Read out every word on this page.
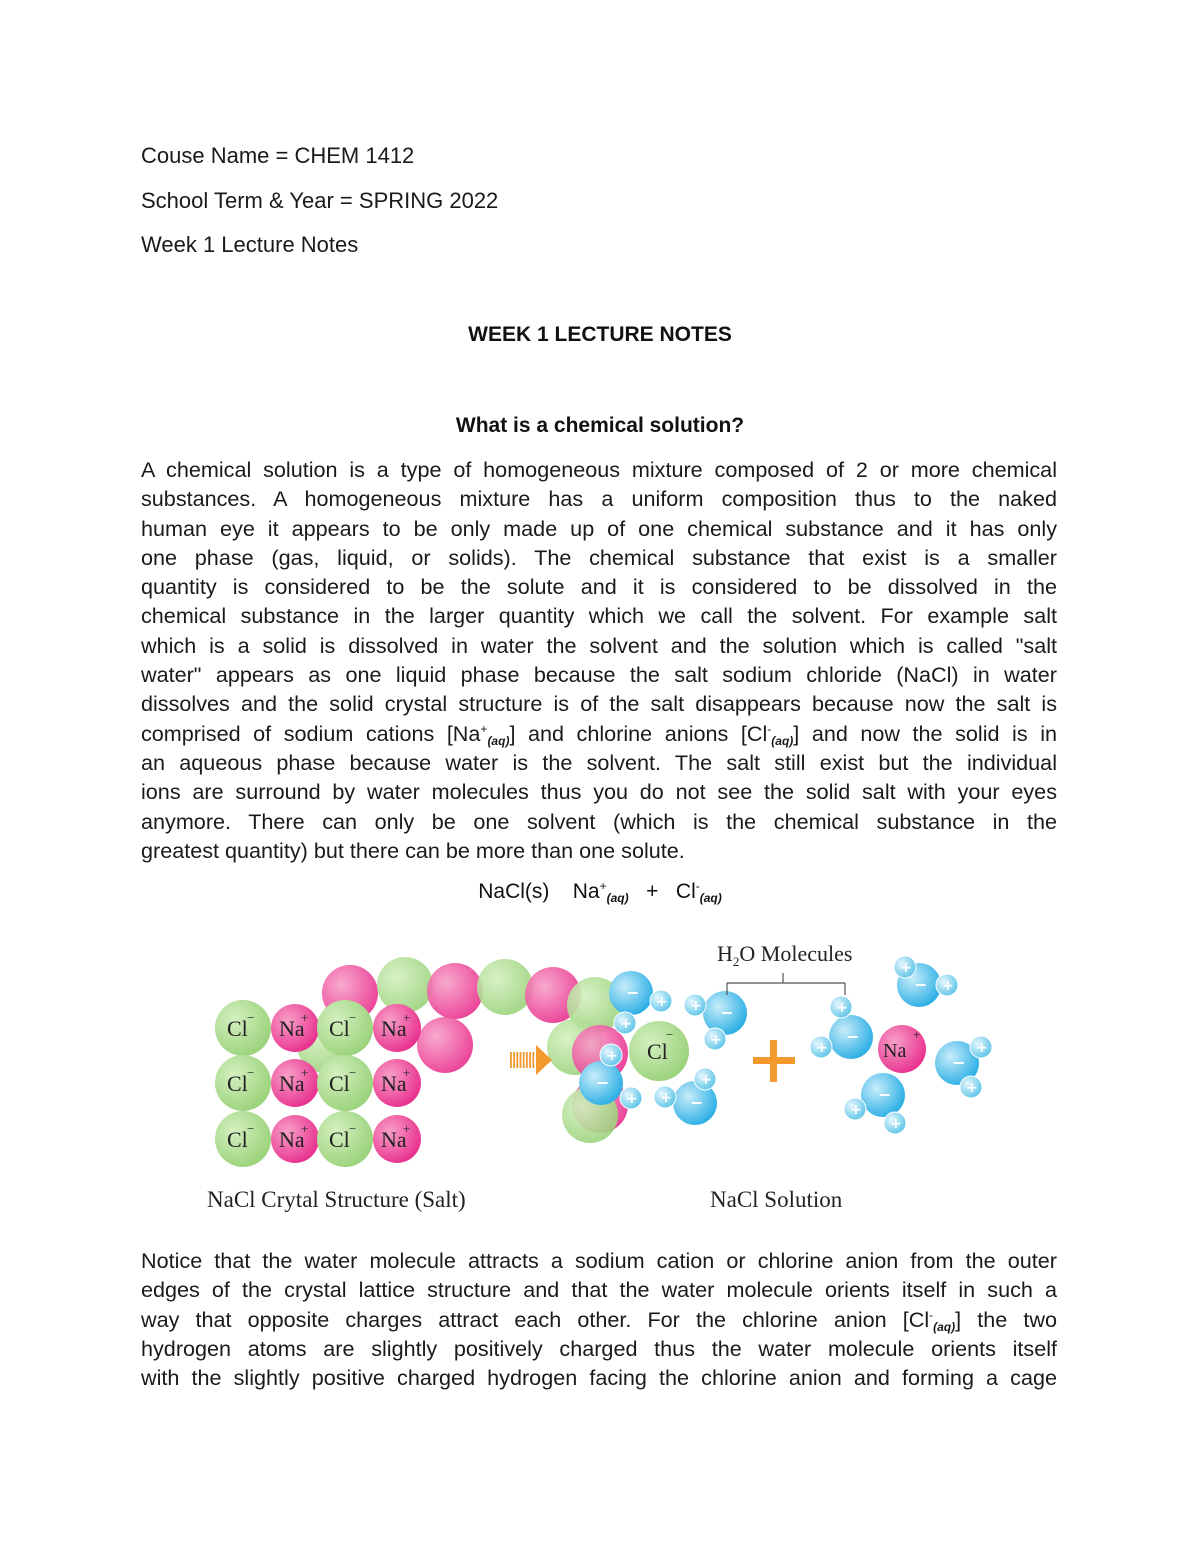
Couse Name = CHEM 1412
School Term & Year = SPRING 2022
Week 1 Lecture Notes
WEEK 1 LECTURE NOTES
What is a chemical solution?
A chemical solution is a type of homogeneous mixture composed of 2 or more chemical
substances. A homogeneous mixture has a uniform composition thus to the naked
human eye it appears to be only made up of one chemical substance and it has only
one phase (gas, liquid, or solids). The chemical substance that exist is a smaller
quantity is considered to be the solute and it is considered to be dissolved in the
chemical substance in the larger quantity which we call the solvent. For example salt
which is a solid is dissolved in water the solvent and the solution which is called "salt
water" appears as one liquid phase because the salt sodium chloride (NaCl) in water
dissolves and the solid crystal structure is of the salt disappears because now the salt is
comprised of sodium cations $[Na^+_{(aq)}]$ and chlorine anions $[Cl^-_{(aq)}]$ and now the solid is in
an aqueous phase because water is the solvent. The salt still exist but the individual
ions are surround by water molecules thus you do not see the solid salt with your eyes
anymore. There can only be one solvent (which is the chemical substance in the
greatest quantity) but there can be more than one solute.
NaCl(s) $Na^+_{(aq)} + Cl^-_{(aq)}$
Cl − Na
+ Cl − Na
+
Cl − Na
+ Cl − Na
+
Cl − Na
+ Cl − Na
+
− +
+
−
+
+	−
+
+
−
+
+
Cl
−	−
+
+
−
+
+
−
+
+
−
+
+
Na
+
$H_2O$ Molecules
NaCl Crytal Structure (Salt)	NaCl Solution
Notice that the water molecule attracts a sodium cation or chlorine anion from the outer
edges of the crystal lattice structure and that the water molecule orients itself in such a
way that opposite charges attract each other. For the chlorine anion $[Cl^-_{(aq)}]$ the two
hydrogen atoms are slightly positively charged thus the water molecule orients itself
with the slightly positive charged hydrogen facing the chlorine anion and forming a cage
